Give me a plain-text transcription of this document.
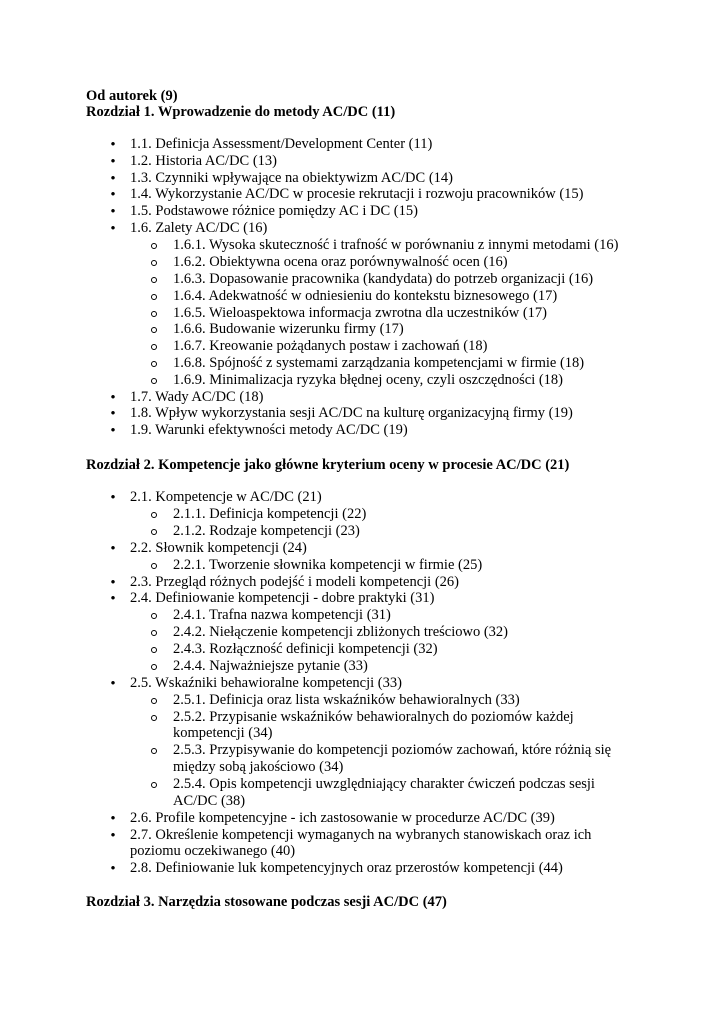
Od autorek (9)
Rozdział 1. Wprowadzenie do metody AC/DC (11)
• 1.1. Definicja Assessment/Development Center (11)
• 1.2. Historia AC/DC (13)
• 1.3. Czynniki wpływające na obiektywizm AC/DC (14)
• 1.4. Wykorzystanie AC/DC w procesie rekrutacji i rozwoju pracowników (15)
• 1.5. Podstawowe różnice pomiędzy AC i DC (15)
• 1.6. Zalety AC/DC (16)
1.6.1. Wysoka skuteczność i trafność w porównaniu z innymi metodami (16)
1.6.2. Obiektywna ocena oraz porównywalność ocen (16)
1.6.3. Dopasowanie pracownika (kandydata) do potrzeb organizacji (16)
1.6.4. Adekwatność w odniesieniu do kontekstu biznesowego (17)
1.6.5. Wieloaspektowa informacja zwrotna dla uczestników (17)
1.6.6. Budowanie wizerunku firmy (17)
1.6.7. Kreowanie pożądanych postaw i zachowań (18)
1.6.8. Spójność z systemami zarządzania kompetencjami w firmie (18)
1.6.9. Minimalizacja ryzyka błędnej oceny, czyli oszczędności (18)
• 1.7. Wady AC/DC (18)
• 1.8. Wpływ wykorzystania sesji AC/DC na kulturę organizacyjną firmy (19)
• 1.9. Warunki efektywności metody AC/DC (19)
Rozdział 2. Kompetencje jako główne kryterium oceny w procesie AC/DC (21)
• 2.1. Kompetencje w AC/DC (21)
2.1.1. Definicja kompetencji (22)
2.1.2. Rodzaje kompetencji (23)
• 2.2. Słownik kompetencji (24)
2.2.1. Tworzenie słownika kompetencji w firmie (25)
• 2.3. Przegląd różnych podejść i modeli kompetencji (26)
• 2.4. Definiowanie kompetencji - dobre praktyki (31)
2.4.1. Trafna nazwa kompetencji (31)
2.4.2. Niełączenie kompetencji zbliżonych treściowo (32)
2.4.3. Rozłączność definicji kompetencji (32)
2.4.4. Najważniejsze pytanie (33)
• 2.5. Wskaźniki behawioralne kompetencji (33)
2.5.1. Definicja oraz lista wskaźników behawioralnych (33)
2.5.2. Przypisanie wskaźników behawioralnych do poziomów każdej
kompetencji (34)
2.5.3. Przypisywanie do kompetencji poziomów zachowań, które różnią się
między sobą jakościowo (34)
2.5.4. Opis kompetencji uwzględniający charakter ćwiczeń podczas sesji
AC/DC (38)
• 2.6. Profile kompetencyjne - ich zastosowanie w procedurze AC/DC (39)
• 2.7. Określenie kompetencji wymaganych na wybranych stanowiskach oraz ich
poziomu oczekiwanego (40)
• 2.8. Definiowanie luk kompetencyjnych oraz przerostów kompetencji (44)
Rozdział 3. Narzędzia stosowane podczas sesji AC/DC (47)
